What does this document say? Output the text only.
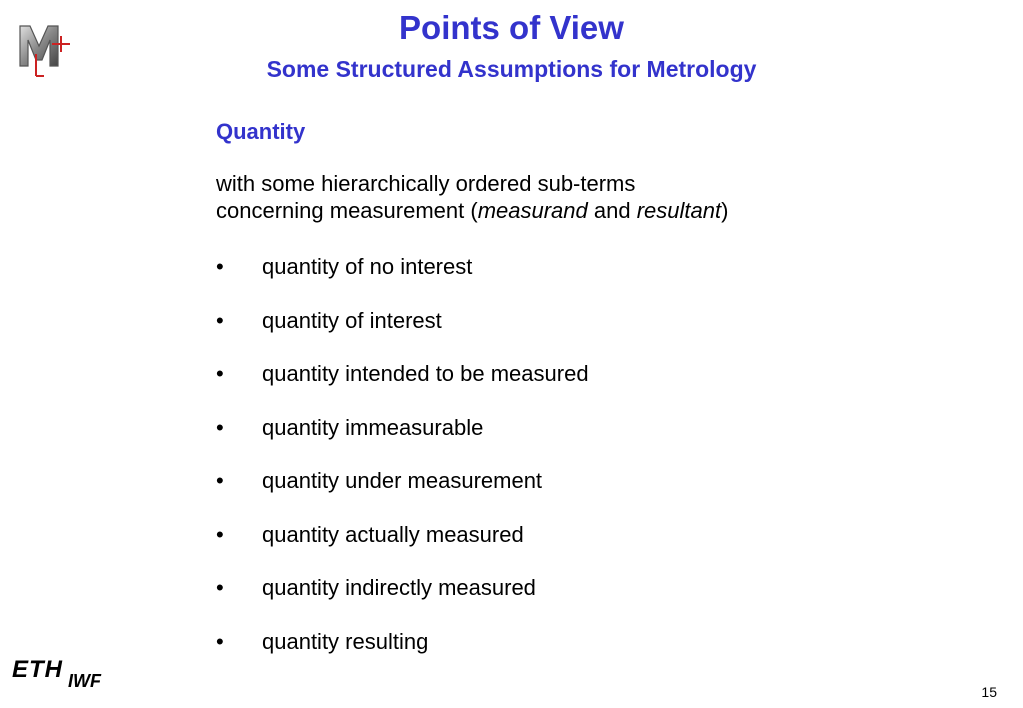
Points of View
Some Structured Assumptions for Metrology

Quantity

with some hierarchically ordered sub-terms
concerning measurement (measurand and resultant)

• quantity of no interest
• quantity of interest
• quantity intended to be measured
• quantity immeasurable
• quantity under measurement
• quantity actually measured
• quantity indirectly measured
• quantity resulting
ETH IWF
15
